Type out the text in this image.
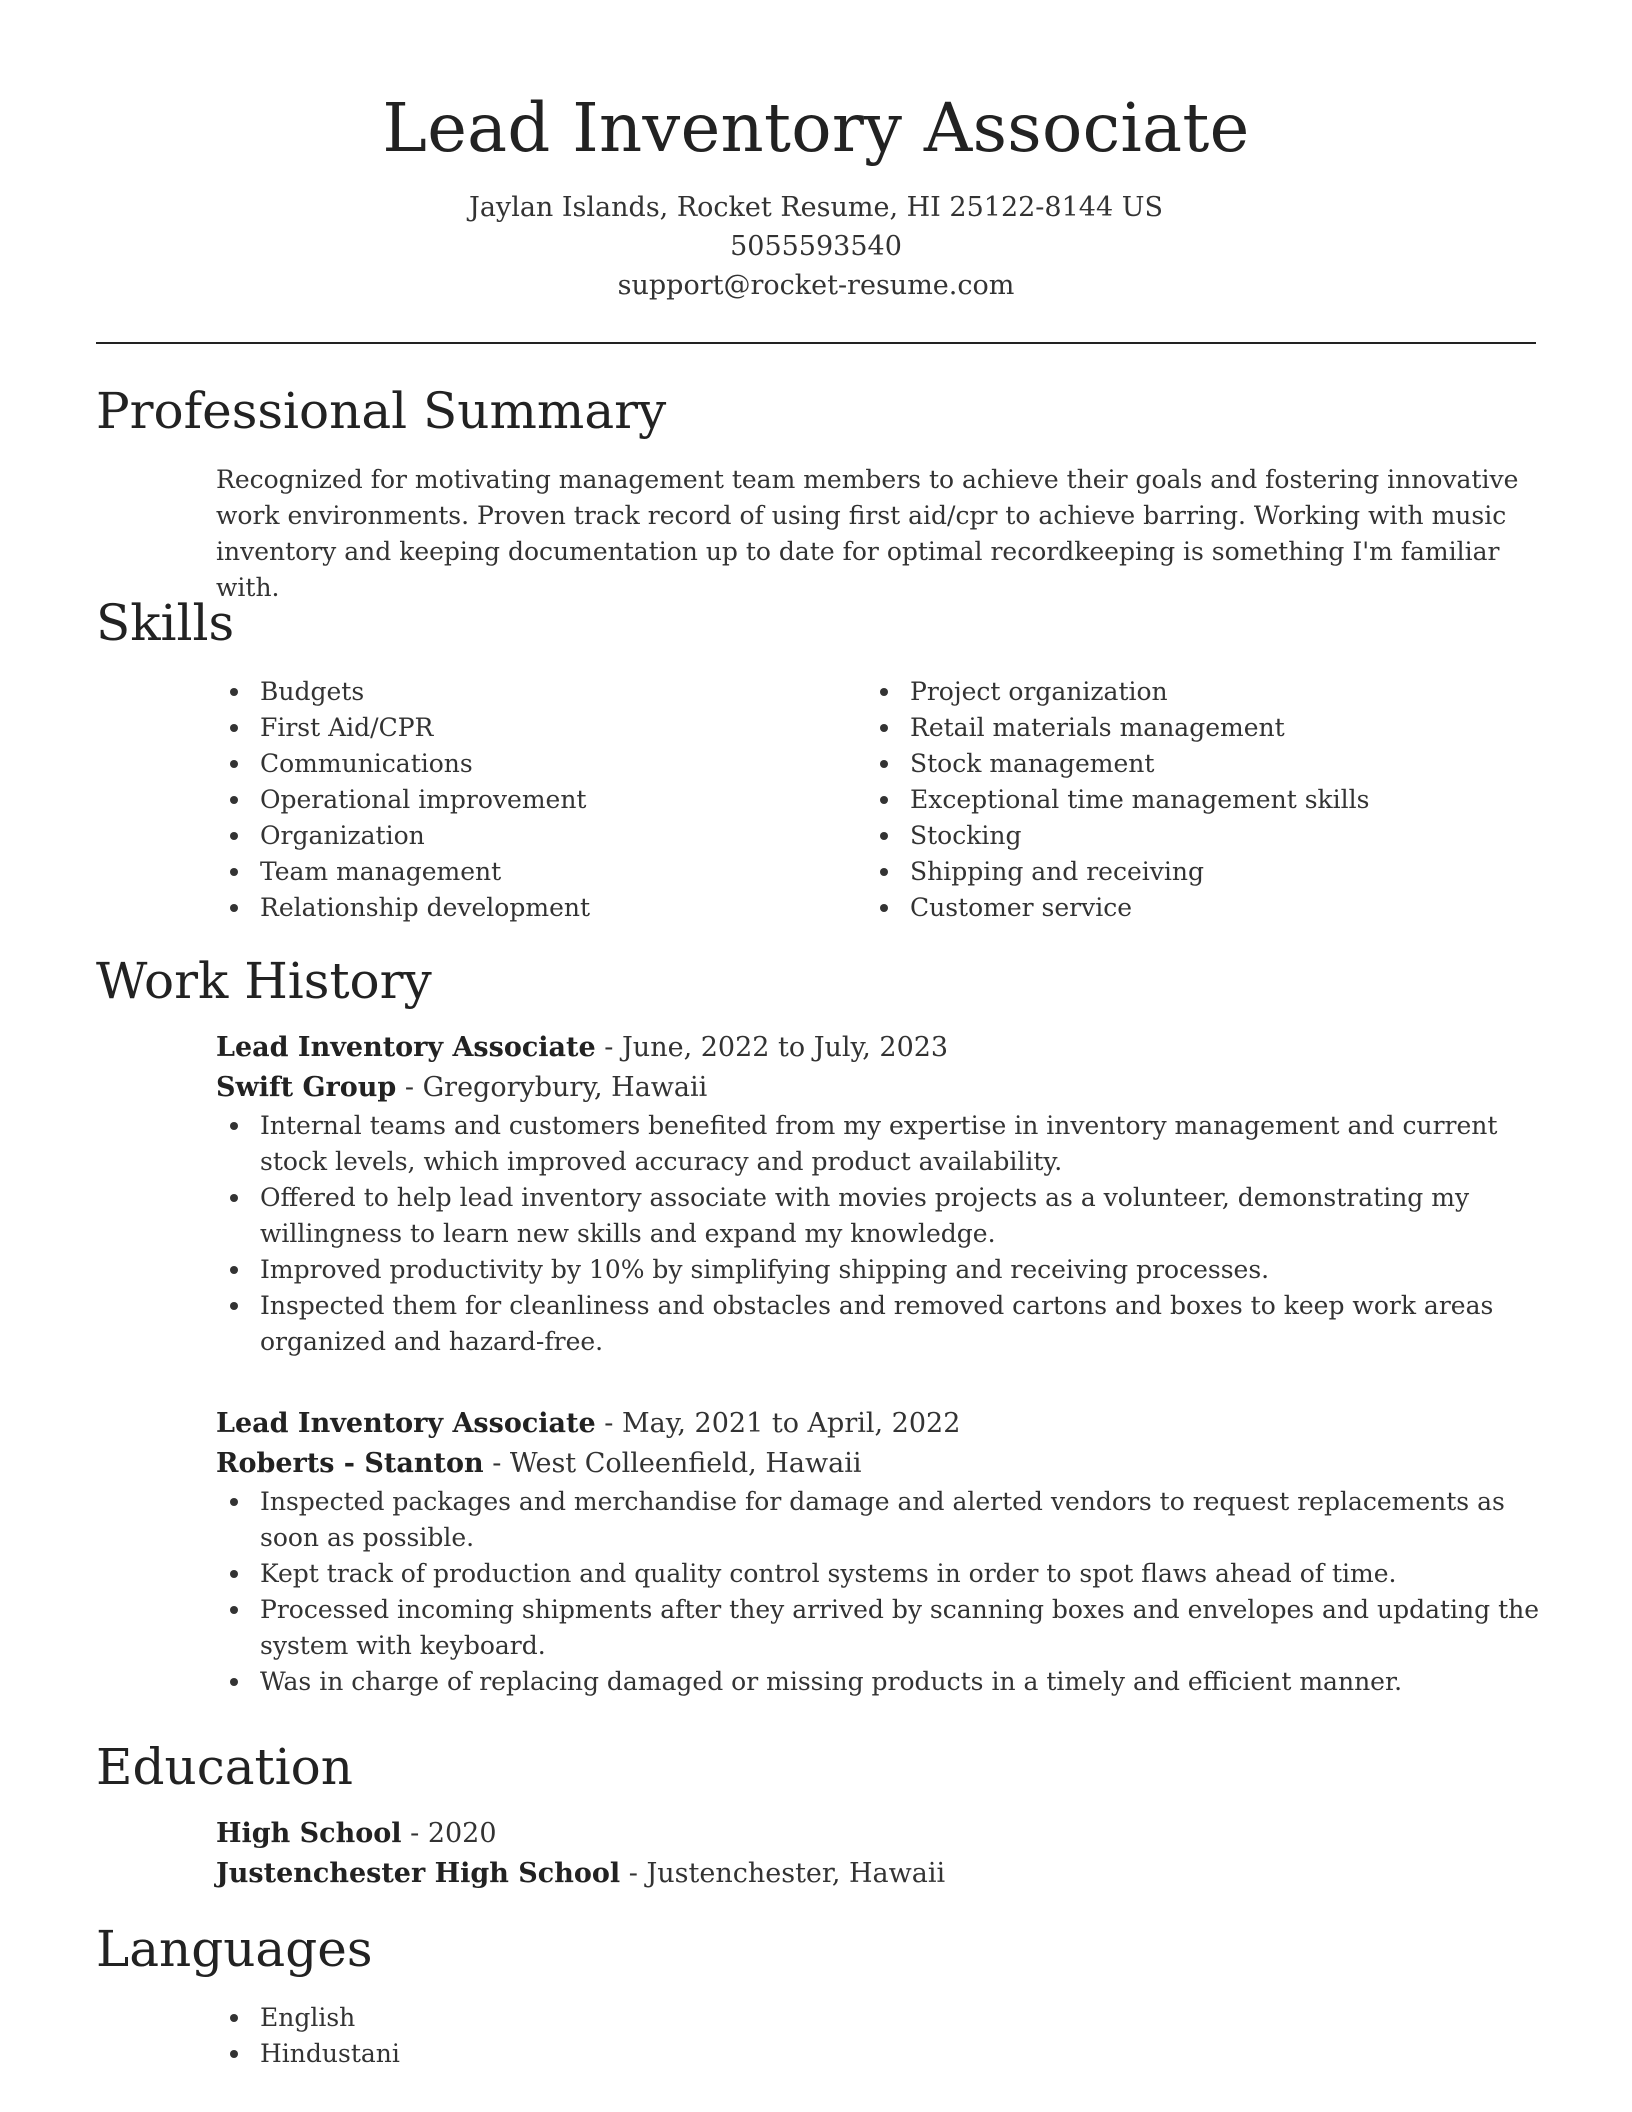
Lead Inventory Associate
Jaylan Islands, Rocket Resume, HI 25122-8144 US
5055593540
support@rocket-resume.com
Professional Summary
Recognized for motivating management team members to achieve their goals and fostering innovative work environments. Proven track record of using first aid/cpr to achieve barring. Working with music inventory and keeping documentation up to date for optimal recordkeeping is something I'm familiar with.
Skills
Budgets
First Aid/CPR
Communications
Operational improvement
Organization
Team management
Relationship development
Project organization
Retail materials management
Stock management
Exceptional time management skills
Stocking
Shipping and receiving
Customer service
Work History
Lead Inventory Associate - June, 2022 to July, 2023
Swift Group - Gregorybury, Hawaii
Internal teams and customers benefited from my expertise in inventory management and current stock levels, which improved accuracy and product availability.
Offered to help lead inventory associate with movies projects as a volunteer, demonstrating my willingness to learn new skills and expand my knowledge.
Improved productivity by 10% by simplifying shipping and receiving processes.
Inspected them for cleanliness and obstacles and removed cartons and boxes to keep work areas organized and hazard-free.
Lead Inventory Associate - May, 2021 to April, 2022
Roberts - Stanton - West Colleenfield, Hawaii
Inspected packages and merchandise for damage and alerted vendors to request replacements as soon as possible.
Kept track of production and quality control systems in order to spot flaws ahead of time.
Processed incoming shipments after they arrived by scanning boxes and envelopes and updating the system with keyboard.
Was in charge of replacing damaged or missing products in a timely and efficient manner.
Education
High School - 2020
Justenchester High School - Justenchester, Hawaii
Languages
English
Hindustani
